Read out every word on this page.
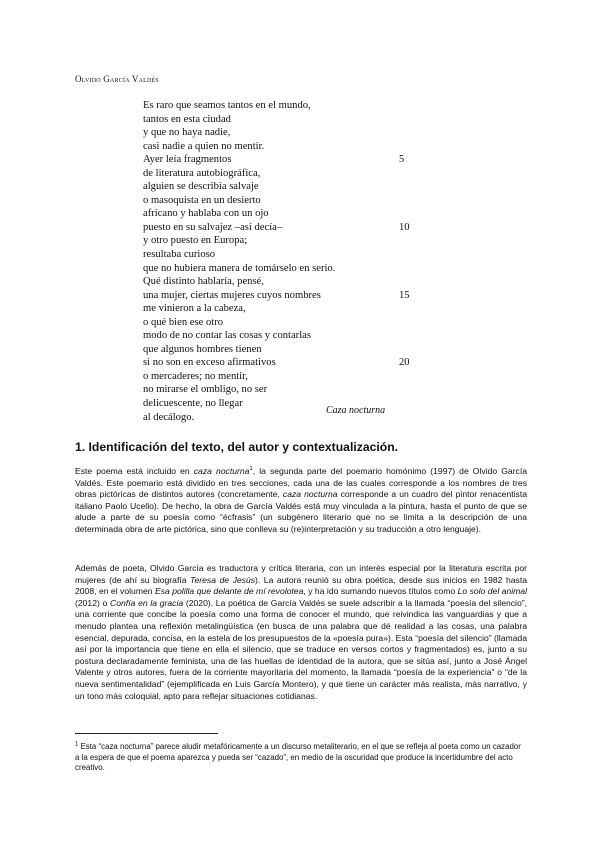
Olvido García Valdés
Es raro que seamos tantos en el mundo,
tantos en esta ciudad
y que no haya nadie,
casi nadie a quien no mentir.
Ayer leía fragmentos	5
de literatura autobiográfica,
alguien se describía salvaje
o masoquista en un desierto
africano y hablaba con un ojo
puesto en su salvajez –así decía–	10
y otro puesto en Europa;
resultaba curioso
que no hubiera manera de tomárselo en serio.
Qué distinto hablaría, pensé,
una mujer, ciertas mujeres cuyos nombres	15
me vinieron a la cabeza,
o qué bien ese otro
modo de no contar las cosas y contarlas
que algunos hombres tienen
si no son en exceso afirmativos	20
o mercaderes; no mentir,
no mirarse el ombligo, no ser
delicuescente, no llegar
al decálogo.
Caza nocturna
1. Identificación del texto, del autor y contextualización.

Este poema está incluido en caza nocturna$^1$, la segunda parte del poemario homónimo (1997) de Olvido García Valdés. Este poemario está dividido en tres secciones, cada una de las cuales corresponde a los nombres de tres obras pictóricas de distintos autores (concretamente, caza nocturna corresponde a un cuadro del pintor renacentista italiano Paolo Ucello). De hecho, la obra de García Valdés está muy vinculada a la pintura, hasta el punto de que se alude a parte de su poesía como “écfrasis” (un subgénero literario que no se limita a la descripción de una determinada obra de arte pictórica, sino que conlleva su (re)interpretación y su traducción a otro lenguaje).

Además de poeta, Olvido García es traductora y crítica literaria, con un interés especial por la literatura escrita por mujeres (de ahí su biografía Teresa de Jesús). La autora reunió su obra poética, desde sus inicios en 1982 hasta 2008, en el volumen Esa polilla que delante de mí revolotea, y ha ido sumando nuevos títulos como Lo solo del animal (2012) o Confía en la gracia (2020). La poética de García Valdés se suele adscribir a la llamada “poesía del silencio”, una corriente que concibe la poesía como una forma de conocer el mundo, que reivindica las vanguardias y que a menudo plantea una reflexión metalingüística (en busca de una palabra que dé realidad a las cosas, una palabra esencial, depurada, concisa, en la estela de los presupuestos de la «poesía pura»). Esta “poesía del silencio” (llamada así por la importancia que tiene en ella el silencio, que se traduce en versos cortos y fragmentados) es, junto a su postura declaradamente feminista, una de las huellas de identidad de la autora, que se sitúa así, junto a José Ángel Valente y otros autores, fuera de la corriente mayoritaria del momento, la llamada “poesía de la experiencia” o “de la nueva sentimentalidad” (ejemplificada en Luis García Montero), y que tiene un carácter más realista, más narrativo, y un tono más coloquial, apto para reflejar situaciones cotidianas.

$^1$ Esta “caza nocturna” parece aludir metafóricamente a un discurso metaliterario, en el que se refleja al poeta como un cazador a la espera de que el poema aparezca y pueda ser “cazado”, en medio de la oscuridad que produce la incertidumbre del acto creativo.
